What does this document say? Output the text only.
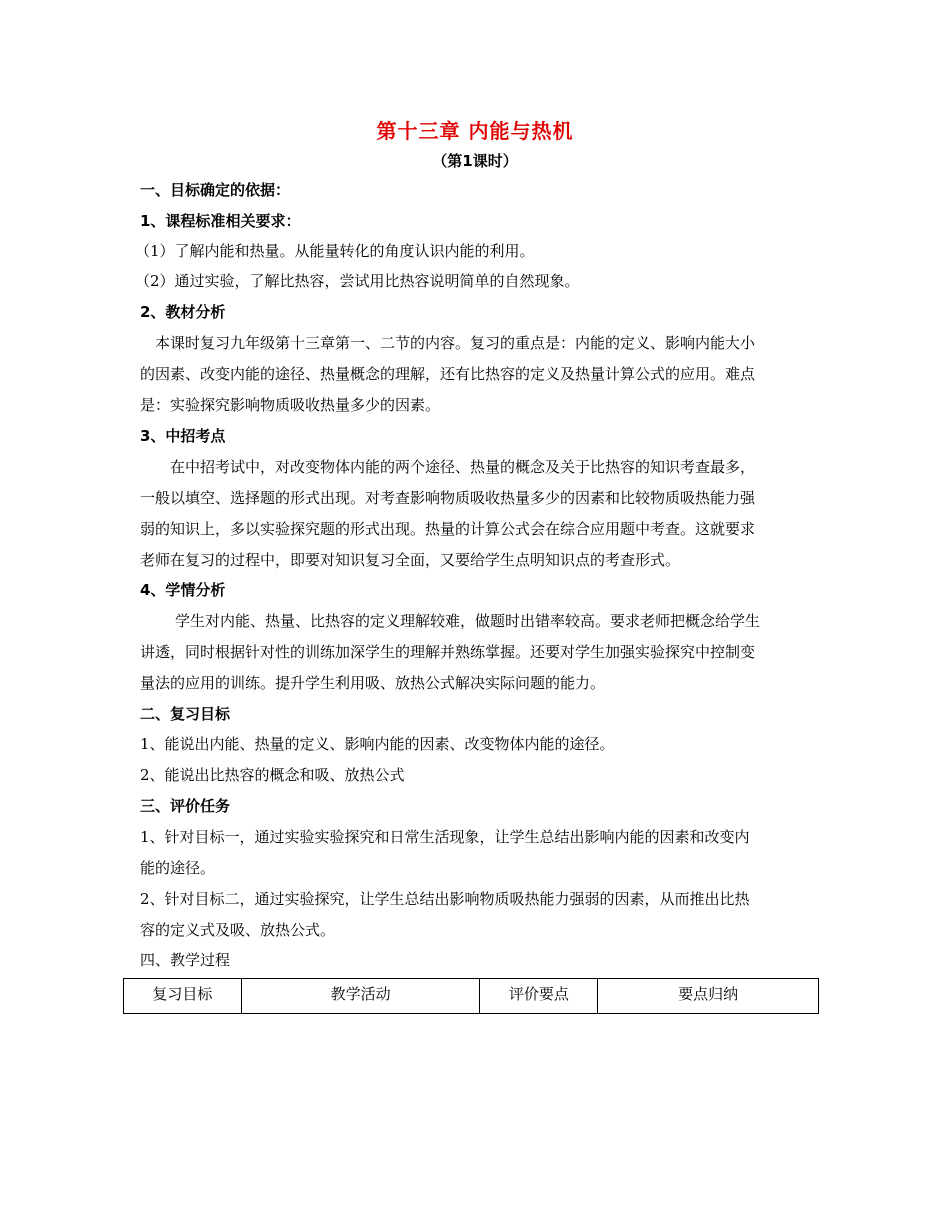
第十三章 内能与热机
（第1课时）
一、目标确定的依据：
1、课程标准相关要求：
（1）了解内能和热量。从能量转化的角度认识内能的利用。
（2）通过实验，了解比热容，尝试用比热容说明简单的自然现象。
2、教材分析
本课时复习九年级第十三章第一、二节的内容。复习的重点是：内能的定义、影响内能大小
的因素、改变内能的途径、热量概念的理解，还有比热容的定义及热量计算公式的应用。难点
是：实验探究影响物质吸收热量多少的因素。
3、中招考点
在中招考试中，对改变物体内能的两个途径、热量的概念及关于比热容的知识考查最多，
一般以填空、选择题的形式出现。对考查影响物质吸收热量多少的因素和比较物质吸热能力强
弱的知识上，多以实验探究题的形式出现。热量的计算公式会在综合应用题中考查。这就要求
老师在复习的过程中，即要对知识复习全面，又要给学生点明知识点的考查形式。
4、学情分析
学生对内能、热量、比热容的定义理解较难，做题时出错率较高。要求老师把概念给学生
讲透，同时根据针对性的训练加深学生的理解并熟练掌握。还要对学生加强实验探究中控制变
量法的应用的训练。提升学生利用吸、放热公式解决实际问题的能力。
二、复习目标
1、能说出内能、热量的定义、影响内能的因素、改变物体内能的途径。
2、能说出比热容的概念和吸、放热公式
三、评价任务
1、针对目标一，通过实验实验探究和日常生活现象，让学生总结出影响内能的因素和改变内
能的途径。
2、针对目标二，通过实验探究，让学生总结出影响物质吸热能力强弱的因素，从而推出比热
容的定义式及吸、放热公式。
四、教学过程
复习目标	教学活动	评价要点	要点归纳
